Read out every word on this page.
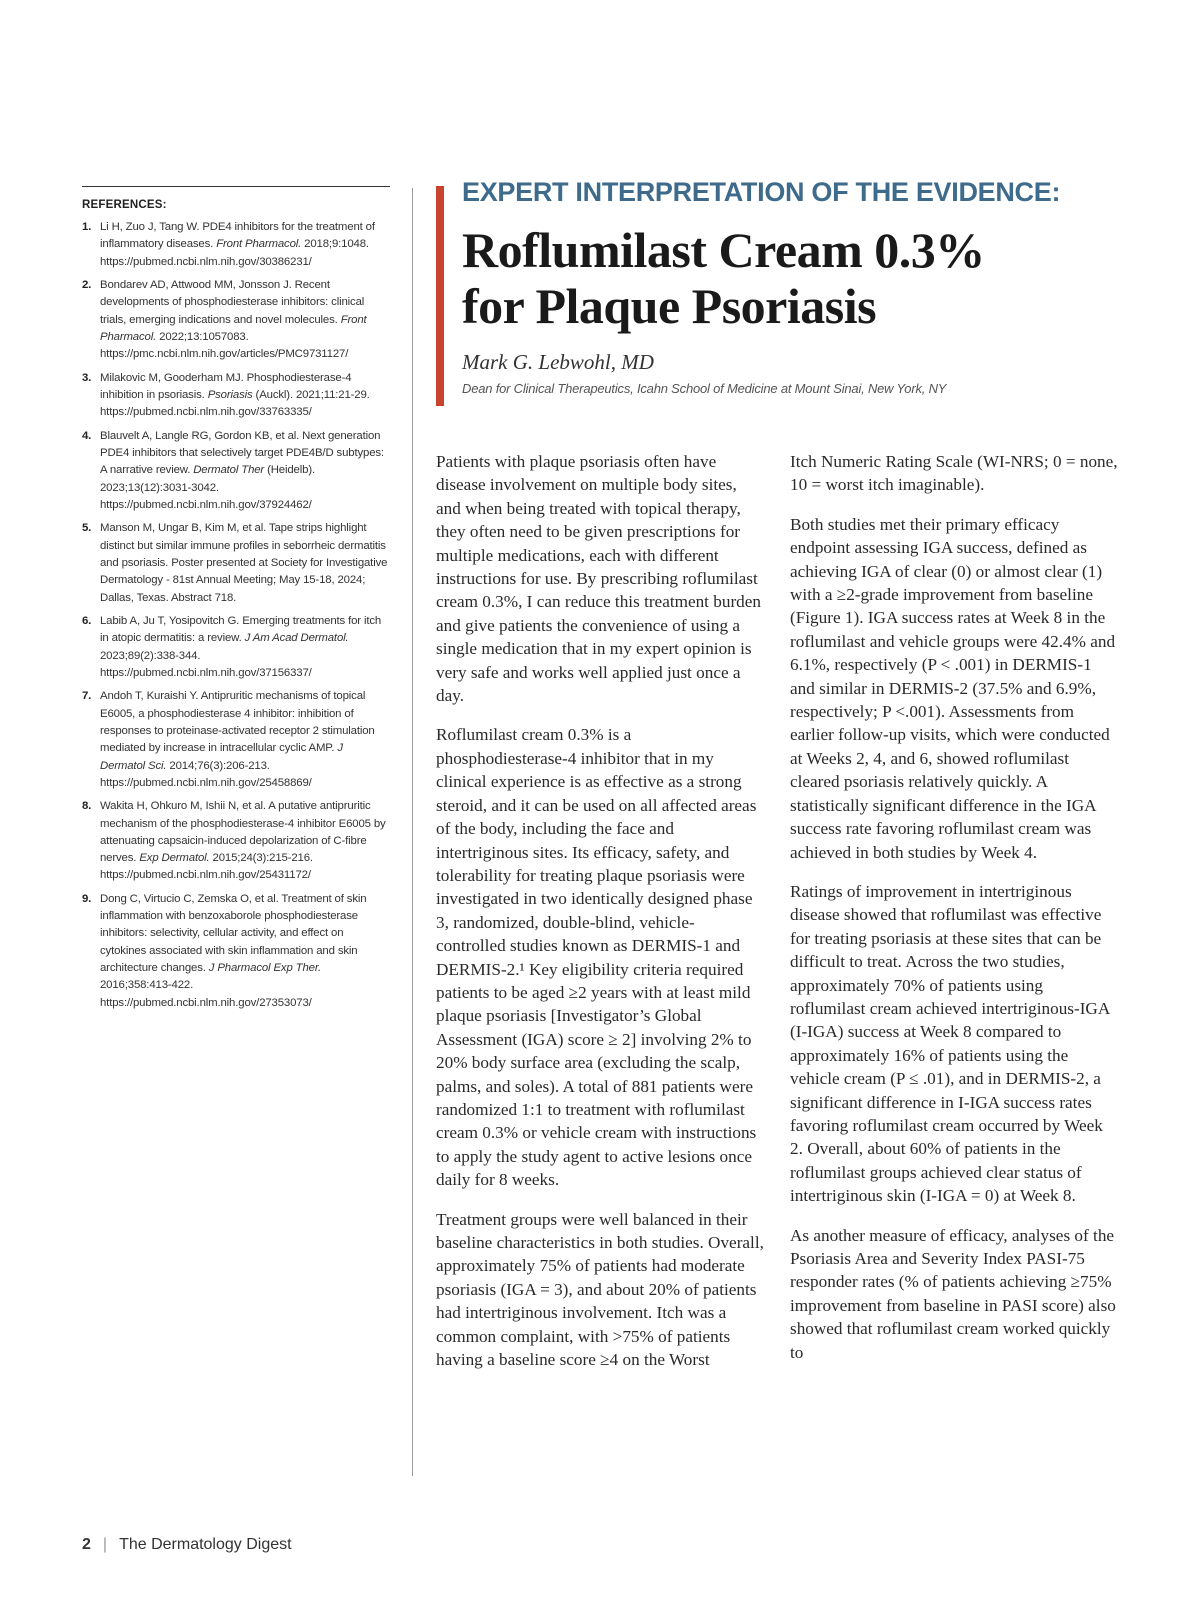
REFERENCES:
1. Li H, Zuo J, Tang W. PDE4 inhibitors for the treatment of inflammatory diseases. Front Pharmacol. 2018;9:1048. https://pubmed.ncbi.nlm.nih.gov/30386231/
2. Bondarev AD, Attwood MM, Jonsson J. Recent developments of phosphodiesterase inhibitors: clinical trials, emerging indications and novel molecules. Front Pharmacol. 2022;13:1057083. https://pmc.ncbi.nlm.nih.gov/articles/PMC9731127/
3. Milakovic M, Gooderham MJ. Phosphodiesterase-4 inhibition in psoriasis. Psoriasis (Auckl). 2021;11:21-29. https://pubmed.ncbi.nlm.nih.gov/33763335/
4. Blauvelt A, Langle RG, Gordon KB, et al. Next generation PDE4 inhibitors that selectively target PDE4B/D subtypes: A narrative review. Dermatol Ther (Heidelb). 2023;13(12):3031-3042. https://pubmed.ncbi.nlm.nih.gov/37924462/
5. Manson M, Ungar B, Kim M, et al. Tape strips highlight distinct but similar immune profiles in seborrheic dermatitis and psoriasis. Poster presented at Society for Investigative Dermatology - 81st Annual Meeting; May 15-18, 2024; Dallas, Texas. Abstract 718.
6. Labib A, Ju T, Yosipovitch G. Emerging treatments for itch in atopic dermatitis: a review. J Am Acad Dermatol. 2023;89(2):338-344. https://pubmed.ncbi.nlm.nih.gov/37156337/
7. Andoh T, Kuraishi Y. Antipruritic mechanisms of topical E6005, a phosphodiesterase 4 inhibitor: inhibition of responses to proteinase-activated receptor 2 stimulation mediated by increase in intracellular cyclic AMP. J Dermatol Sci. 2014;76(3):206-213. https://pubmed.ncbi.nlm.nih.gov/25458869/
8. Wakita H, Ohkuro M, Ishii N, et al. A putative antipruritic mechanism of the phosphodiesterase-4 inhibitor E6005 by attenuating capsaicin-induced depolarization of C-fibre nerves. Exp Dermatol. 2015;24(3):215-216. https://pubmed.ncbi.nlm.nih.gov/25431172/
9. Dong C, Virtucio C, Zemska O, et al. Treatment of skin inflammation with benzoxaborole phosphodiesterase inhibitors: selectivity, cellular activity, and effect on cytokines associated with skin inflammation and skin architecture changes. J Pharmacol Exp Ther. 2016;358:413-422. https://pubmed.ncbi.nlm.nih.gov/27353073/
EXPERT INTERPRETATION OF THE EVIDENCE:
Roflumilast Cream 0.3%
for Plaque Psoriasis

Mark G. Lebwohl, MD

Dean for Clinical Therapeutics, Icahn School of Medicine at Mount Sinai, New York, NY

Patients with plaque psoriasis often have disease involvement on multiple body sites, and when being treated with topical therapy, they often need to be given prescriptions for multiple medications, each with different instructions for use. By prescribing roflumilast cream 0.3%, I can reduce this treatment burden and give patients the convenience of using a single medication that in my expert opinion is very safe and works well applied just once a day.

Roflumilast cream 0.3% is a phosphodiesterase-4 inhibitor that in my clinical experience is as effective as a strong steroid, and it can be used on all affected areas of the body, including the face and intertriginous sites. Its efficacy, safety, and tolerability for treating plaque psoriasis were investigated in two identically designed phase 3, randomized, double-blind, vehicle-controlled studies known as DERMIS-1 and DERMIS-2.¹ Key eligibility criteria required patients to be aged ≥2 years with at least mild plaque psoriasis [Investigator’s Global Assessment (IGA) score ≥ 2] involving 2% to 20% body surface area (excluding the scalp, palms, and soles). A total of 881 patients were randomized 1:1 to treatment with roflumilast cream 0.3% or vehicle cream with instructions to apply the study agent to active lesions once daily for 8 weeks.

Treatment groups were well balanced in their baseline characteristics in both studies. Overall, approximately 75% of patients had moderate psoriasis (IGA = 3), and about 20% of patients had intertriginous involvement. Itch was a common complaint, with >75% of patients having a baseline score ≥4 on the Worst

Itch Numeric Rating Scale (WI-NRS; 0 = none, 10 = worst itch imaginable).

Both studies met their primary efficacy endpoint assessing IGA success, defined as achieving IGA of clear (0) or almost clear (1) with a ≥2-grade improvement from baseline (Figure 1). IGA success rates at Week 8 in the roflumilast and vehicle groups were 42.4% and 6.1%, respectively (P < .001) in DERMIS-1 and similar in DERMIS-2 (37.5% and 6.9%, respectively; P <.001). Assessments from earlier follow-up visits, which were conducted at Weeks 2, 4, and 6, showed roflumilast cleared psoriasis relatively quickly. A statistically significant difference in the IGA success rate favoring roflumilast cream was achieved in both studies by Week 4.

Ratings of improvement in intertriginous disease showed that roflumilast was effective for treating psoriasis at these sites that can be difficult to treat. Across the two studies, approximately 70% of patients using roflumilast cream achieved intertriginous-IGA (I-IGA) success at Week 8 compared to approximately 16% of patients using the vehicle cream (P ≤ .01), and in DERMIS-2, a significant difference in I-IGA success rates favoring roflumilast cream occurred by Week 2. Overall, about 60% of patients in the roflumilast groups achieved clear status of intertriginous skin (I-IGA = 0) at Week 8.

As another measure of efficacy, analyses of the Psoriasis Area and Severity Index PASI-75 responder rates (% of patients achieving ≥75% improvement from baseline in PASI score) also showed that roflumilast cream worked quickly to

2 | The Dermatology Digest
